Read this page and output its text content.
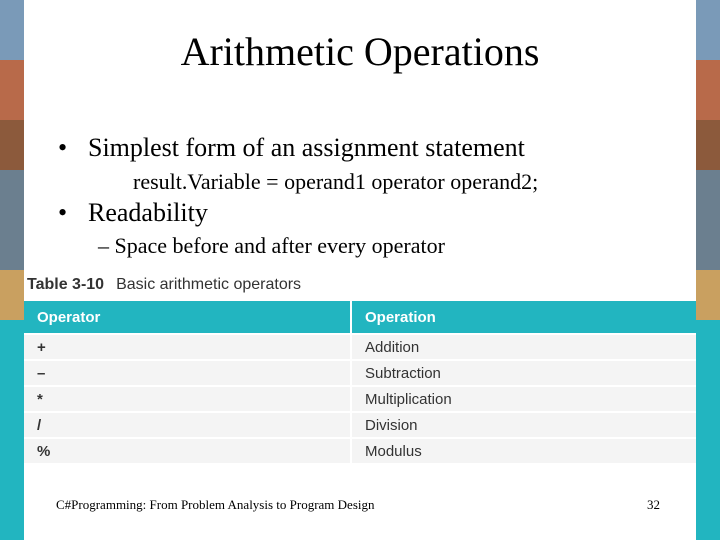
Arithmetic Operations
• Simplest form of an assignment statement
result.Variable = operand1 operator operand2;
• Readability
– Space before and after every operator
Table 3-10 Basic arithmetic operators
Operator	Operation
+	Addition
–	Subtraction
*	Multiplication
/	Division
%	Modulus
C#Programming: From Problem Analysis to Program Design	32
